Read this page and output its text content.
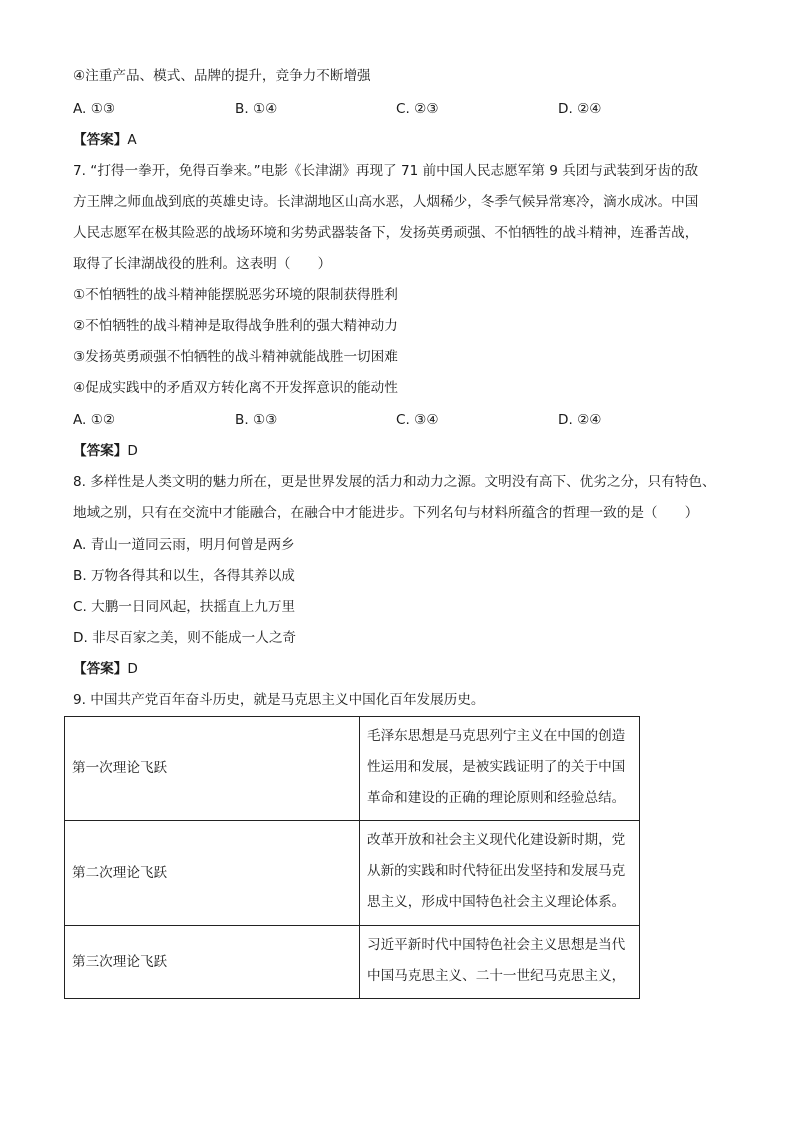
④注重产品、模式、品牌的提升，竞争力不断增强
A. ①③	B. ①④	C. ②③	D. ②④
【答案】A
7. “打得一拳开，免得百拳来。”电影《长津湖》再现了 71 前中国人民志愿军第 9 兵团与武装到牙齿的敌
方王牌之师血战到底的英雄史诗。长津湖地区山高水恶，人烟稀少，冬季气候异常寒冷，滴水成冰。中国
人民志愿军在极其险恶的战场环境和劣势武器装备下，发扬英勇顽强、不怕牺牲的战斗精神，连番苦战，
取得了长津湖战役的胜利。这表明（　　）
①不怕牺牲的战斗精神能摆脱恶劣环境的限制获得胜利
②不怕牺牲的战斗精神是取得战争胜利的强大精神动力
③发扬英勇顽强不怕牺牲的战斗精神就能战胜一切困难
④促成实践中的矛盾双方转化离不开发挥意识的能动性
A. ①②	B. ①③	C. ③④	D. ②④
【答案】D
8. 多样性是人类文明的魅力所在，更是世界发展的活力和动力之源。文明没有高下、优劣之分，只有特色、
地域之别，只有在交流中才能融合，在融合中才能进步。下列名句与材料所蕴含的哲理一致的是（　　）
A. 青山一道同云雨，明月何曾是两乡
B. 万物各得其和以生，各得其养以成
C. 大鹏一日同风起，扶摇直上九万里
D. 非尽百家之美，则不能成一人之奇
【答案】D
9. 中国共产党百年奋斗历史，就是马克思主义中国化百年发展历史。
第一次理论飞跃	毛泽东思想是马克思列宁主义在中国的创造性运用和发展，是被实践证明了的关于中国革命和建设的正确的理论原则和经验总结。
第二次理论飞跃	改革开放和社会主义现代化建设新时期，党从新的实践和时代特征出发坚持和发展马克思主义，形成中国特色社会主义理论体系。
第三次理论飞跃	习近平新时代中国特色社会主义思想是当代中国马克思主义、二十一世纪马克思主义，
